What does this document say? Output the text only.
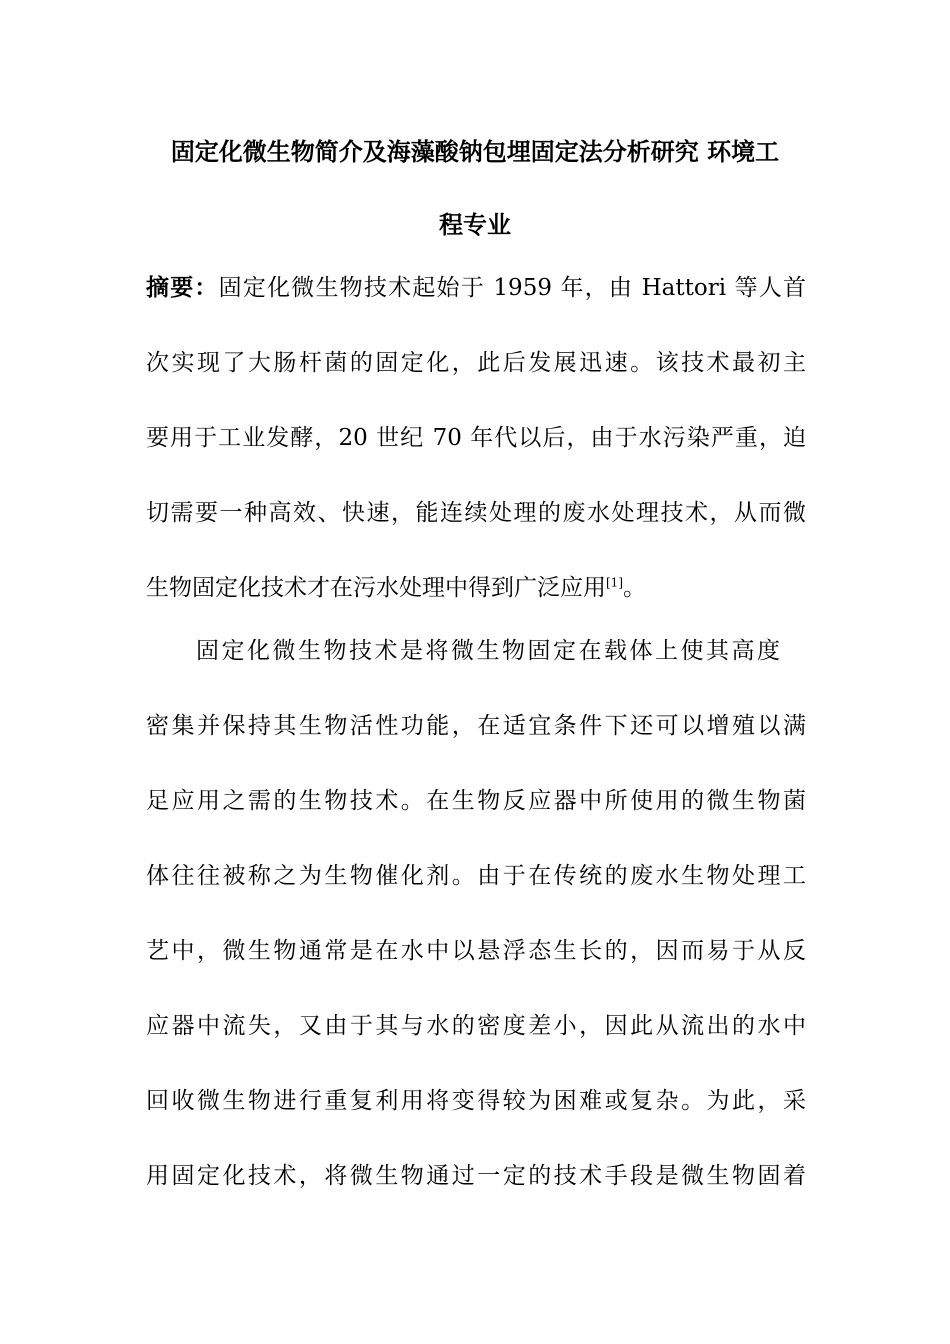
固定化微生物简介及海藻酸钠包埋固定法分析研究 环境工
程专业
摘要：固定化微生物技术起始于 1959 年，由 Hattori 等人首
次实现了大肠杆菌的固定化，此后发展迅速。该技术最初主
要用于工业发酵，20 世纪 70 年代以后，由于水污染严重，迫
切需要一种高效、快速，能连续处理的废水处理技术，从而微
生物固定化技术才在污水处理中得到广泛应用[1]。
固定化微生物技术是将微生物固定在载体上使其高度
密集并保持其生物活性功能，在适宜条件下还可以增殖以满
足应用之需的生物技术。在生物反应器中所使用的微生物菌
体往往被称之为生物催化剂。由于在传统的废水生物处理工
艺中，微生物通常是在水中以悬浮态生长的，因而易于从反
应器中流失，又由于其与水的密度差小，因此从流出的水中
回收微生物进行重复利用将变得较为困难或复杂。为此，采
用固定化技术，将微生物通过一定的技术手段是微生物固着
